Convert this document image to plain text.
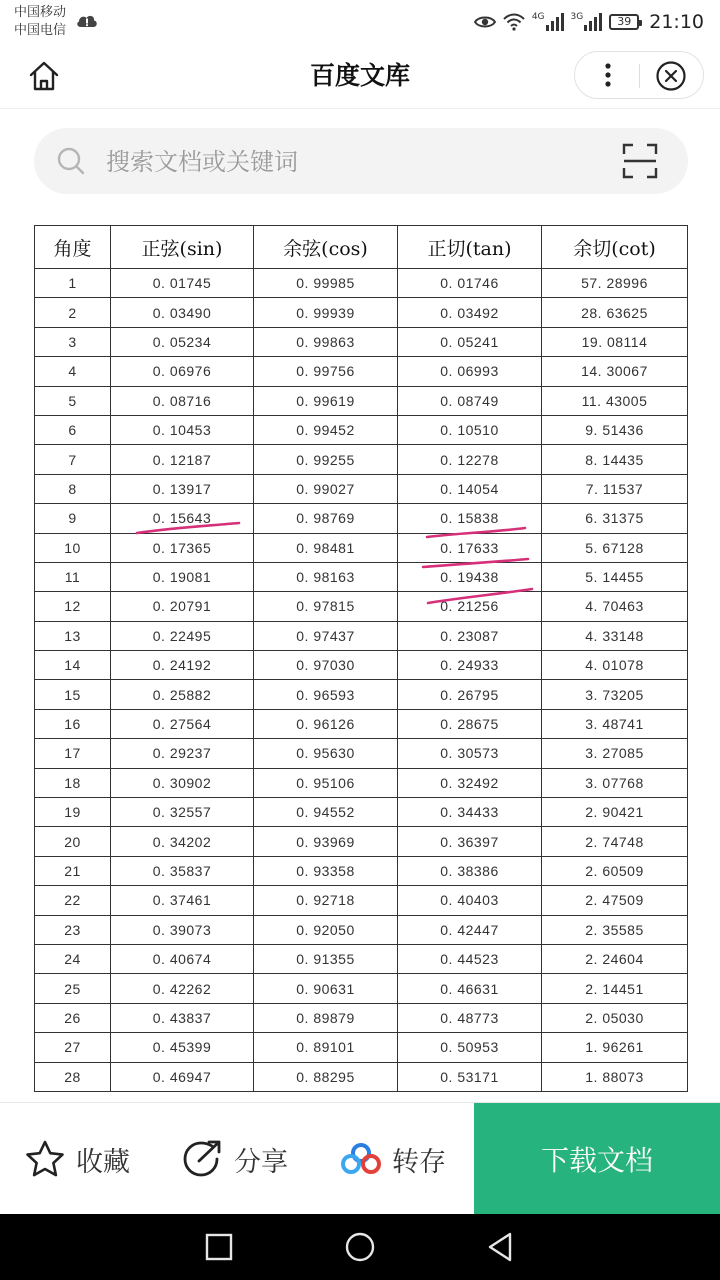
中国移动
中国电信
4G	3G	39 21:10
百度文库
搜索文档或关键词
角度	正弦(sin)	余弦(cos)	正切(tan)	余切(cot)
1	0. 01745	0. 99985	0. 01746	57. 28996
2	0. 03490	0. 99939	0. 03492	28. 63625
3	0. 05234	0. 99863	0. 05241	19. 08114
4	0. 06976	0. 99756	0. 06993	14. 30067
5	0. 08716	0. 99619	0. 08749	11. 43005
6	0. 10453	0. 99452	0. 10510	9. 51436
7	0. 12187	0. 99255	0. 12278	8. 14435
8	0. 13917	0. 99027	0. 14054	7. 11537
9	0. 15643	0. 98769	0. 15838	6. 31375
10	0. 17365	0. 98481	0. 17633	5. 67128
11	0. 19081	0. 98163	0. 19438	5. 14455
12	0. 20791	0. 97815	0. 21256	4. 70463
13	0. 22495	0. 97437	0. 23087	4. 33148
14	0. 24192	0. 97030	0. 24933	4. 01078
15	0. 25882	0. 96593	0. 26795	3. 73205
16	0. 27564	0. 96126	0. 28675	3. 48741
17	0. 29237	0. 95630	0. 30573	3. 27085
18	0. 30902	0. 95106	0. 32492	3. 07768
19	0. 32557	0. 94552	0. 34433	2. 90421
20	0. 34202	0. 93969	0. 36397	2. 74748
21	0. 35837	0. 93358	0. 38386	2. 60509
22	0. 37461	0. 92718	0. 40403	2. 47509
23	0. 39073	0. 92050	0. 42447	2. 35585
24	0. 40674	0. 91355	0. 44523	2. 24604
25	0. 42262	0. 90631	0. 46631	2. 14451
26	0. 43837	0. 89879	0. 48773	2. 05030
27	0. 45399	0. 89101	0. 50953	1. 96261
28	0. 46947	0. 88295	0. 53171	1. 88073
收藏	分享	转存	下载文档
